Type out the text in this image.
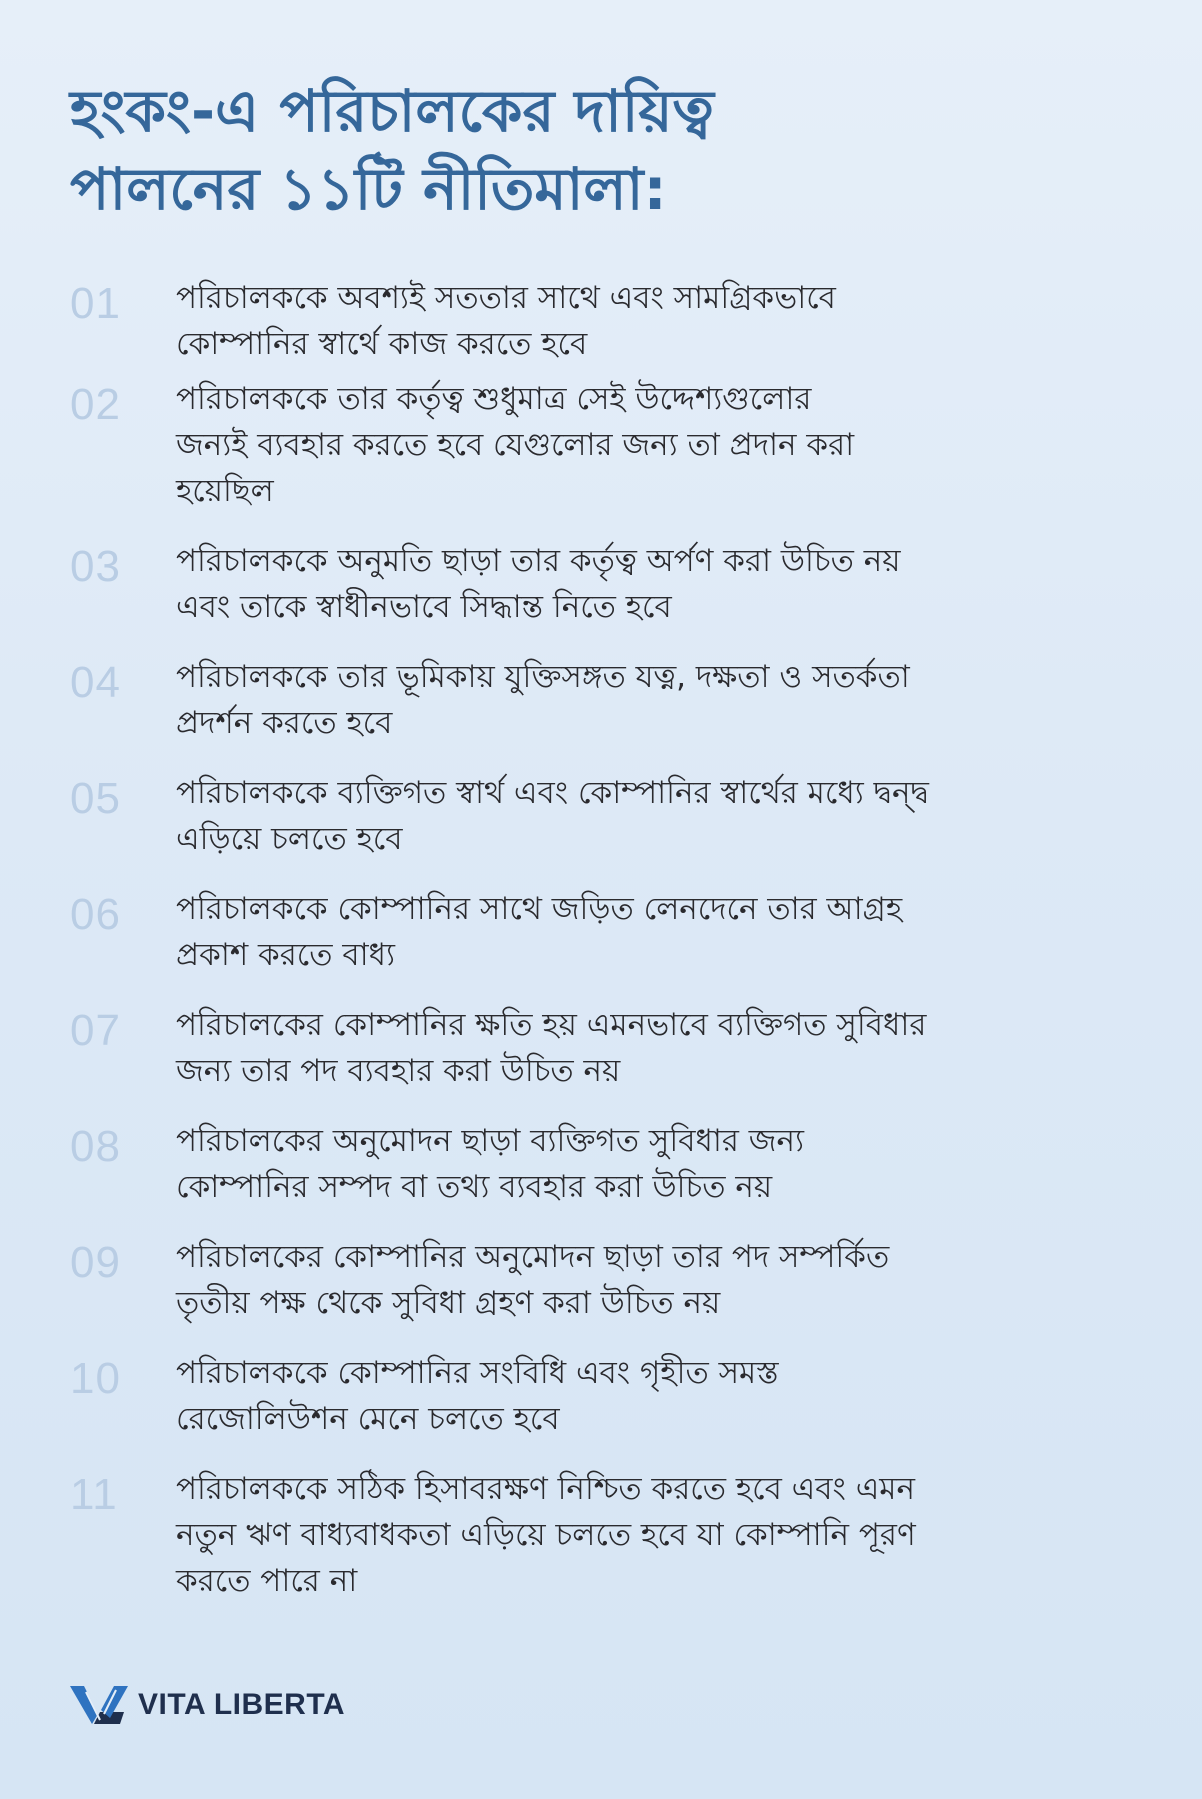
হংকং-এ পরিচালকের দায়িত্ব
পালনের ১১টি নীতিমালা:
01	পরিচালককে অবশ্যই সততার সাথে এবং সামগ্রিকভাবে
কোম্পানির স্বার্থে কাজ করতে হবে
02	পরিচালককে তার কর্তৃত্ব শুধুমাত্র সেই উদ্দেশ্যগুলোর
জন্যই ব্যবহার করতে হবে যেগুলোর জন্য তা প্রদান করা
হয়েছিল
03	পরিচালককে অনুমতি ছাড়া তার কর্তৃত্ব অর্পণ করা উচিত নয়
এবং তাকে স্বাধীনভাবে সিদ্ধান্ত নিতে হবে
04	পরিচালককে তার ভূমিকায় যুক্তিসঙ্গত যত্ন, দক্ষতা ও সতর্কতা
প্রদর্শন করতে হবে
05	পরিচালককে ব্যক্তিগত স্বার্থ এবং কোম্পানির স্বার্থের মধ্যে দ্বন্দ্ব
এড়িয়ে চলতে হবে
06	পরিচালককে কোম্পানির সাথে জড়িত লেনদেনে তার আগ্রহ
প্রকাশ করতে বাধ্য
07	পরিচালকের কোম্পানির ক্ষতি হয় এমনভাবে ব্যক্তিগত সুবিধার
জন্য তার পদ ব্যবহার করা উচিত নয়
08	পরিচালকের অনুমোদন ছাড়া ব্যক্তিগত সুবিধার জন্য
কোম্পানির সম্পদ বা তথ্য ব্যবহার করা উচিত নয়
09	পরিচালকের কোম্পানির অনুমোদন ছাড়া তার পদ সম্পর্কিত
তৃতীয় পক্ষ থেকে সুবিধা গ্রহণ করা উচিত নয়
10	পরিচালককে কোম্পানির সংবিধি এবং গৃহীত সমস্ত
রেজোলিউশন মেনে চলতে হবে
11	পরিচালককে সঠিক হিসাবরক্ষণ নিশ্চিত করতে হবে এবং এমন
নতুন ঋণ বাধ্যবাধকতা এড়িয়ে চলতে হবে যা কোম্পানি পূরণ
করতে পারে না
VITA LIBERTA
